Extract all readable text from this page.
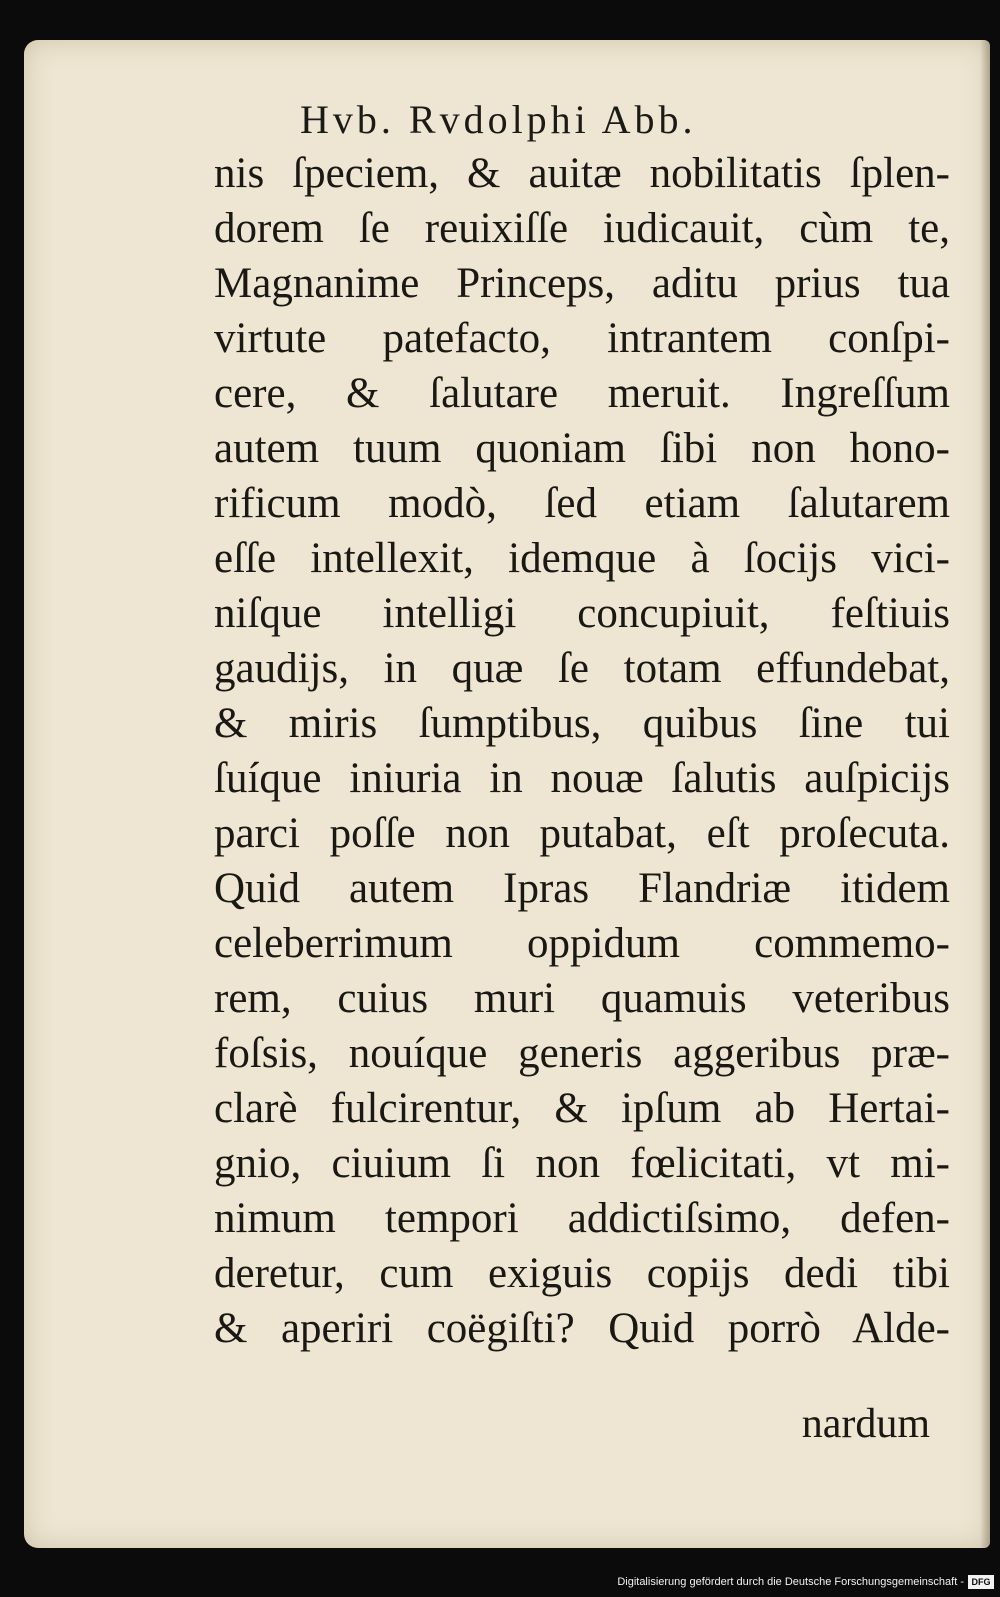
Hvb. Rvdolphi Abb.
nis ſpeciem, & auitæ nobilitatis ſplen-
dorem ſe reuixiſſe iudicauit, cùm te,
Magnanime Princeps, aditu prius tua
virtute patefacto, intrantem conſpi-
cere, & ſalutare meruit. Ingreſſum
autem tuum quoniam ſibi non hono-
rificum modò, ſed etiam ſalutarem
eſſe intellexit, idemque à ſocijs vici-
niſque intelligi concupiuit, feſtiuis
gaudijs, in quæ ſe totam effundebat,
& miris ſumptibus, quibus ſine tui
ſuíque iniuria in nouæ ſalutis auſpicijs
parci poſſe non putabat, eſt proſecuta.
Quid autem Ipras Flandriæ itidem
celeberrimum oppidum commemo-
rem, cuius muri quamuis veteribus
foſsis, nouíque generis aggeribus præ-
clarè fulcirentur, & ipſum ab Hertai-
gnio, ciuium ſi non fœlicitati, vt mi-
nimum tempori addictiſsimo, defen-
deretur, cum exiguis copijs dedi tibi
& aperiri coëgiſti? Quid porrò Alde-
nardum
Digitalisierung gefördert durch die Deutsche Forschungsgemeinschaft - DFG
